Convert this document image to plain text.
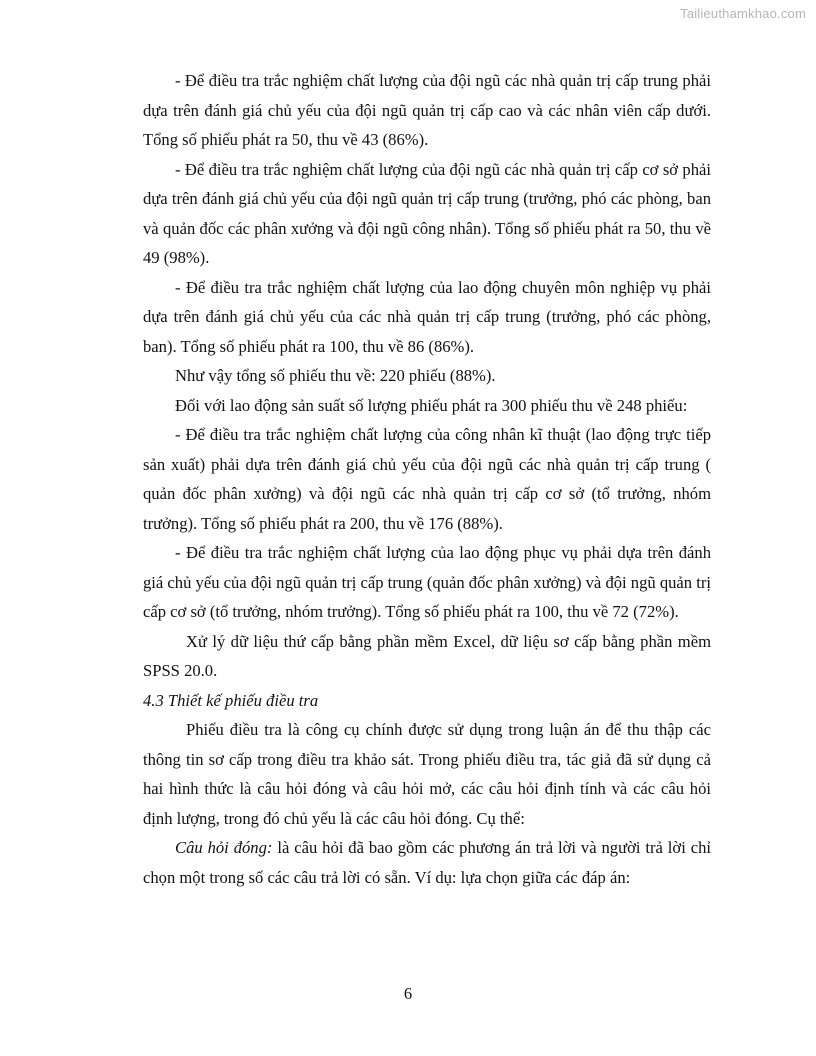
Tailieuthamkhao.com

- Để điều tra trắc nghiệm chất lượng của đội ngũ các nhà quản trị cấp trung phải dựa trên đánh giá chủ yếu của đội ngũ quản trị cấp cao và các nhân viên cấp dưới. Tổng số phiếu phát ra 50, thu về 43 (86%).

- Để điều tra trắc nghiệm chất lượng của đội ngũ các nhà quản trị cấp cơ sở phải dựa trên đánh giá chủ yếu của đội ngũ quản trị cấp trung (trưởng, phó các phòng, ban và quản đốc các phân xưởng và đội ngũ công nhân). Tổng số phiếu phát ra 50, thu về 49 (98%).

- Để điều tra trắc nghiệm chất lượng của lao động chuyên môn nghiệp vụ phải dựa trên đánh giá chủ yếu của các nhà quản trị cấp trung (trưởng, phó các phòng, ban). Tổng số phiếu phát ra 100, thu về 86 (86%).

Như vậy tổng số phiếu thu về: 220 phiếu (88%).

Đối với lao động sản suất số lượng phiếu phát ra 300 phiếu thu về 248 phiếu:

- Để điều tra trắc nghiệm chất lượng của công nhân kĩ thuật (lao động trực tiếp sản xuất) phải dựa trên đánh giá chủ yếu của đội ngũ các nhà quản trị cấp trung ( quản đốc phân xưởng) và đội ngũ các nhà quản trị cấp cơ sở (tổ trưởng, nhóm trưởng). Tổng số phiếu phát ra 200, thu về 176 (88%).

- Để điều tra trắc nghiệm chất lượng của lao động phục vụ phải dựa trên đánh giá chủ yếu của đội ngũ quản trị cấp trung (quản đốc phân xưởng) và đội ngũ quản trị cấp cơ sở (tổ trưởng, nhóm trưởng). Tổng số phiếu phát ra 100, thu về 72 (72%).

Xử lý dữ liệu thứ cấp bằng phần mềm Excel, dữ liệu sơ cấp bằng phần mềm SPSS 20.0.

4.3 Thiết kế phiếu điều tra

Phiếu điều tra là công cụ chính được sử dụng trong luận án để thu thập các thông tin sơ cấp trong điều tra khảo sát. Trong phiếu điều tra, tác giả đã sử dụng cả hai hình thức là câu hỏi đóng và câu hỏi mở, các câu hỏi định tính và các câu hỏi định lượng, trong đó chủ yếu là các câu hỏi đóng. Cụ thể:

Câu hỏi đóng: là câu hỏi đã bao gồm các phương án trả lời và người trả lời chỉ chọn một trong số các câu trả lời có sẵn. Ví dụ: lựa chọn giữa các đáp án:

6
